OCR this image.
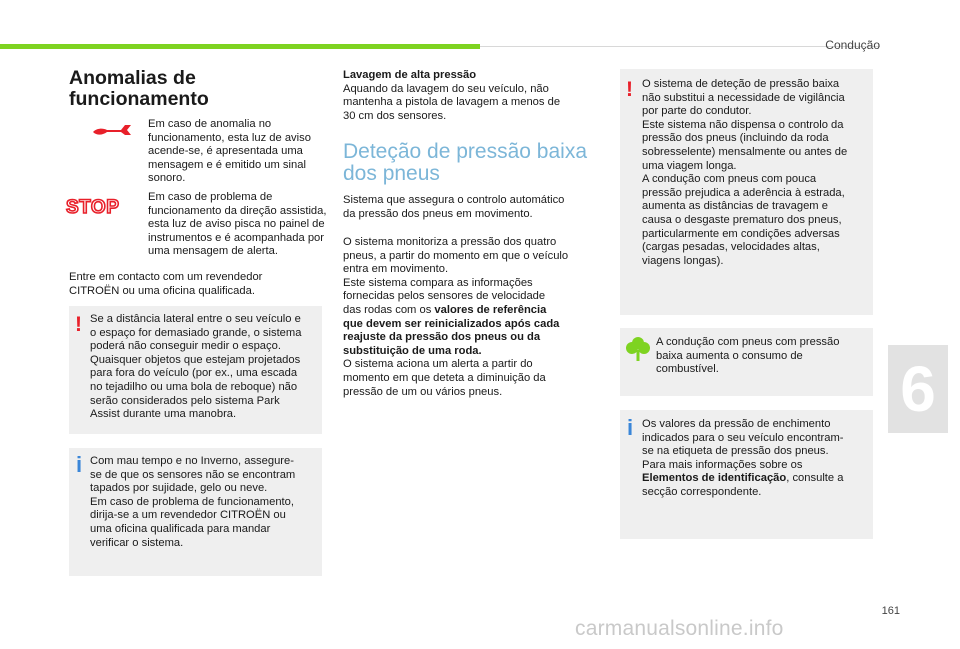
Condução
Anomalias de
funcionamento
Em caso de anomalia no
funcionamento, esta luz de aviso
acende-se, é apresentada uma
mensagem e é emitido um sinal
sonoro.
STOP	Em caso de problema de
funcionamento da direção assistida,
esta luz de aviso pisca no painel de
instrumentos e é acompanhada por
uma mensagem de alerta.
Entre em contacto com um revendedor
CITROËN ou uma oficina qualificada.
! Se a distância lateral entre o seu veículo e
o espaço for demasiado grande, o sistema
poderá não conseguir medir o espaço.
Quaisquer objetos que estejam projetados
para fora do veículo (por ex., uma escada
no tejadilho ou uma bola de reboque) não
serão considerados pelo sistema Park
Assist durante uma manobra.
i Com mau tempo e no Inverno, assegure-
se de que os sensores não se encontram
tapados por sujidade, gelo ou neve.
Em caso de problema de funcionamento,
dirija-se a um revendedor CITROËN ou
uma oficina qualificada para mandar
verificar o sistema.
Lavagem de alta pressão
Aquando da lavagem do seu veículo, não
mantenha a pistola de lavagem a menos de
30 cm dos sensores.
Deteção de pressão baixa
dos pneus
Sistema que assegura o controlo automático
da pressão dos pneus em movimento.
O sistema monitoriza a pressão dos quatro
pneus, a partir do momento em que o veículo
entra em movimento.
Este sistema compara as informações
fornecidas pelos sensores de velocidade
das rodas com os valores de referência
que devem ser reinicializados após cada
reajuste da pressão dos pneus ou da
substituição de uma roda.
O sistema aciona um alerta a partir do
momento em que deteta a diminuição da
pressão de um ou vários pneus.
! O sistema de deteção de pressão baixa
não substitui a necessidade de vigilância
por parte do condutor.
Este sistema não dispensa o controlo da
pressão dos pneus (incluindo da roda
sobresselente) mensalmente ou antes de
uma viagem longa.
A condução com pneus com pouca
pressão prejudica a aderência à estrada,
aumenta as distâncias de travagem e
causa o desgaste prematuro dos pneus,
particularmente em condições adversas
(cargas pesadas, velocidades altas,
viagens longas).
A condução com pneus com pressão
baixa aumenta o consumo de
combustível.
i Os valores da pressão de enchimento
indicados para o seu veículo encontram-
se na etiqueta de pressão dos pneus.
Para mais informações sobre os
Elementos de identificação, consulte a
secção correspondente.
6
161
carmanualsonline.info
